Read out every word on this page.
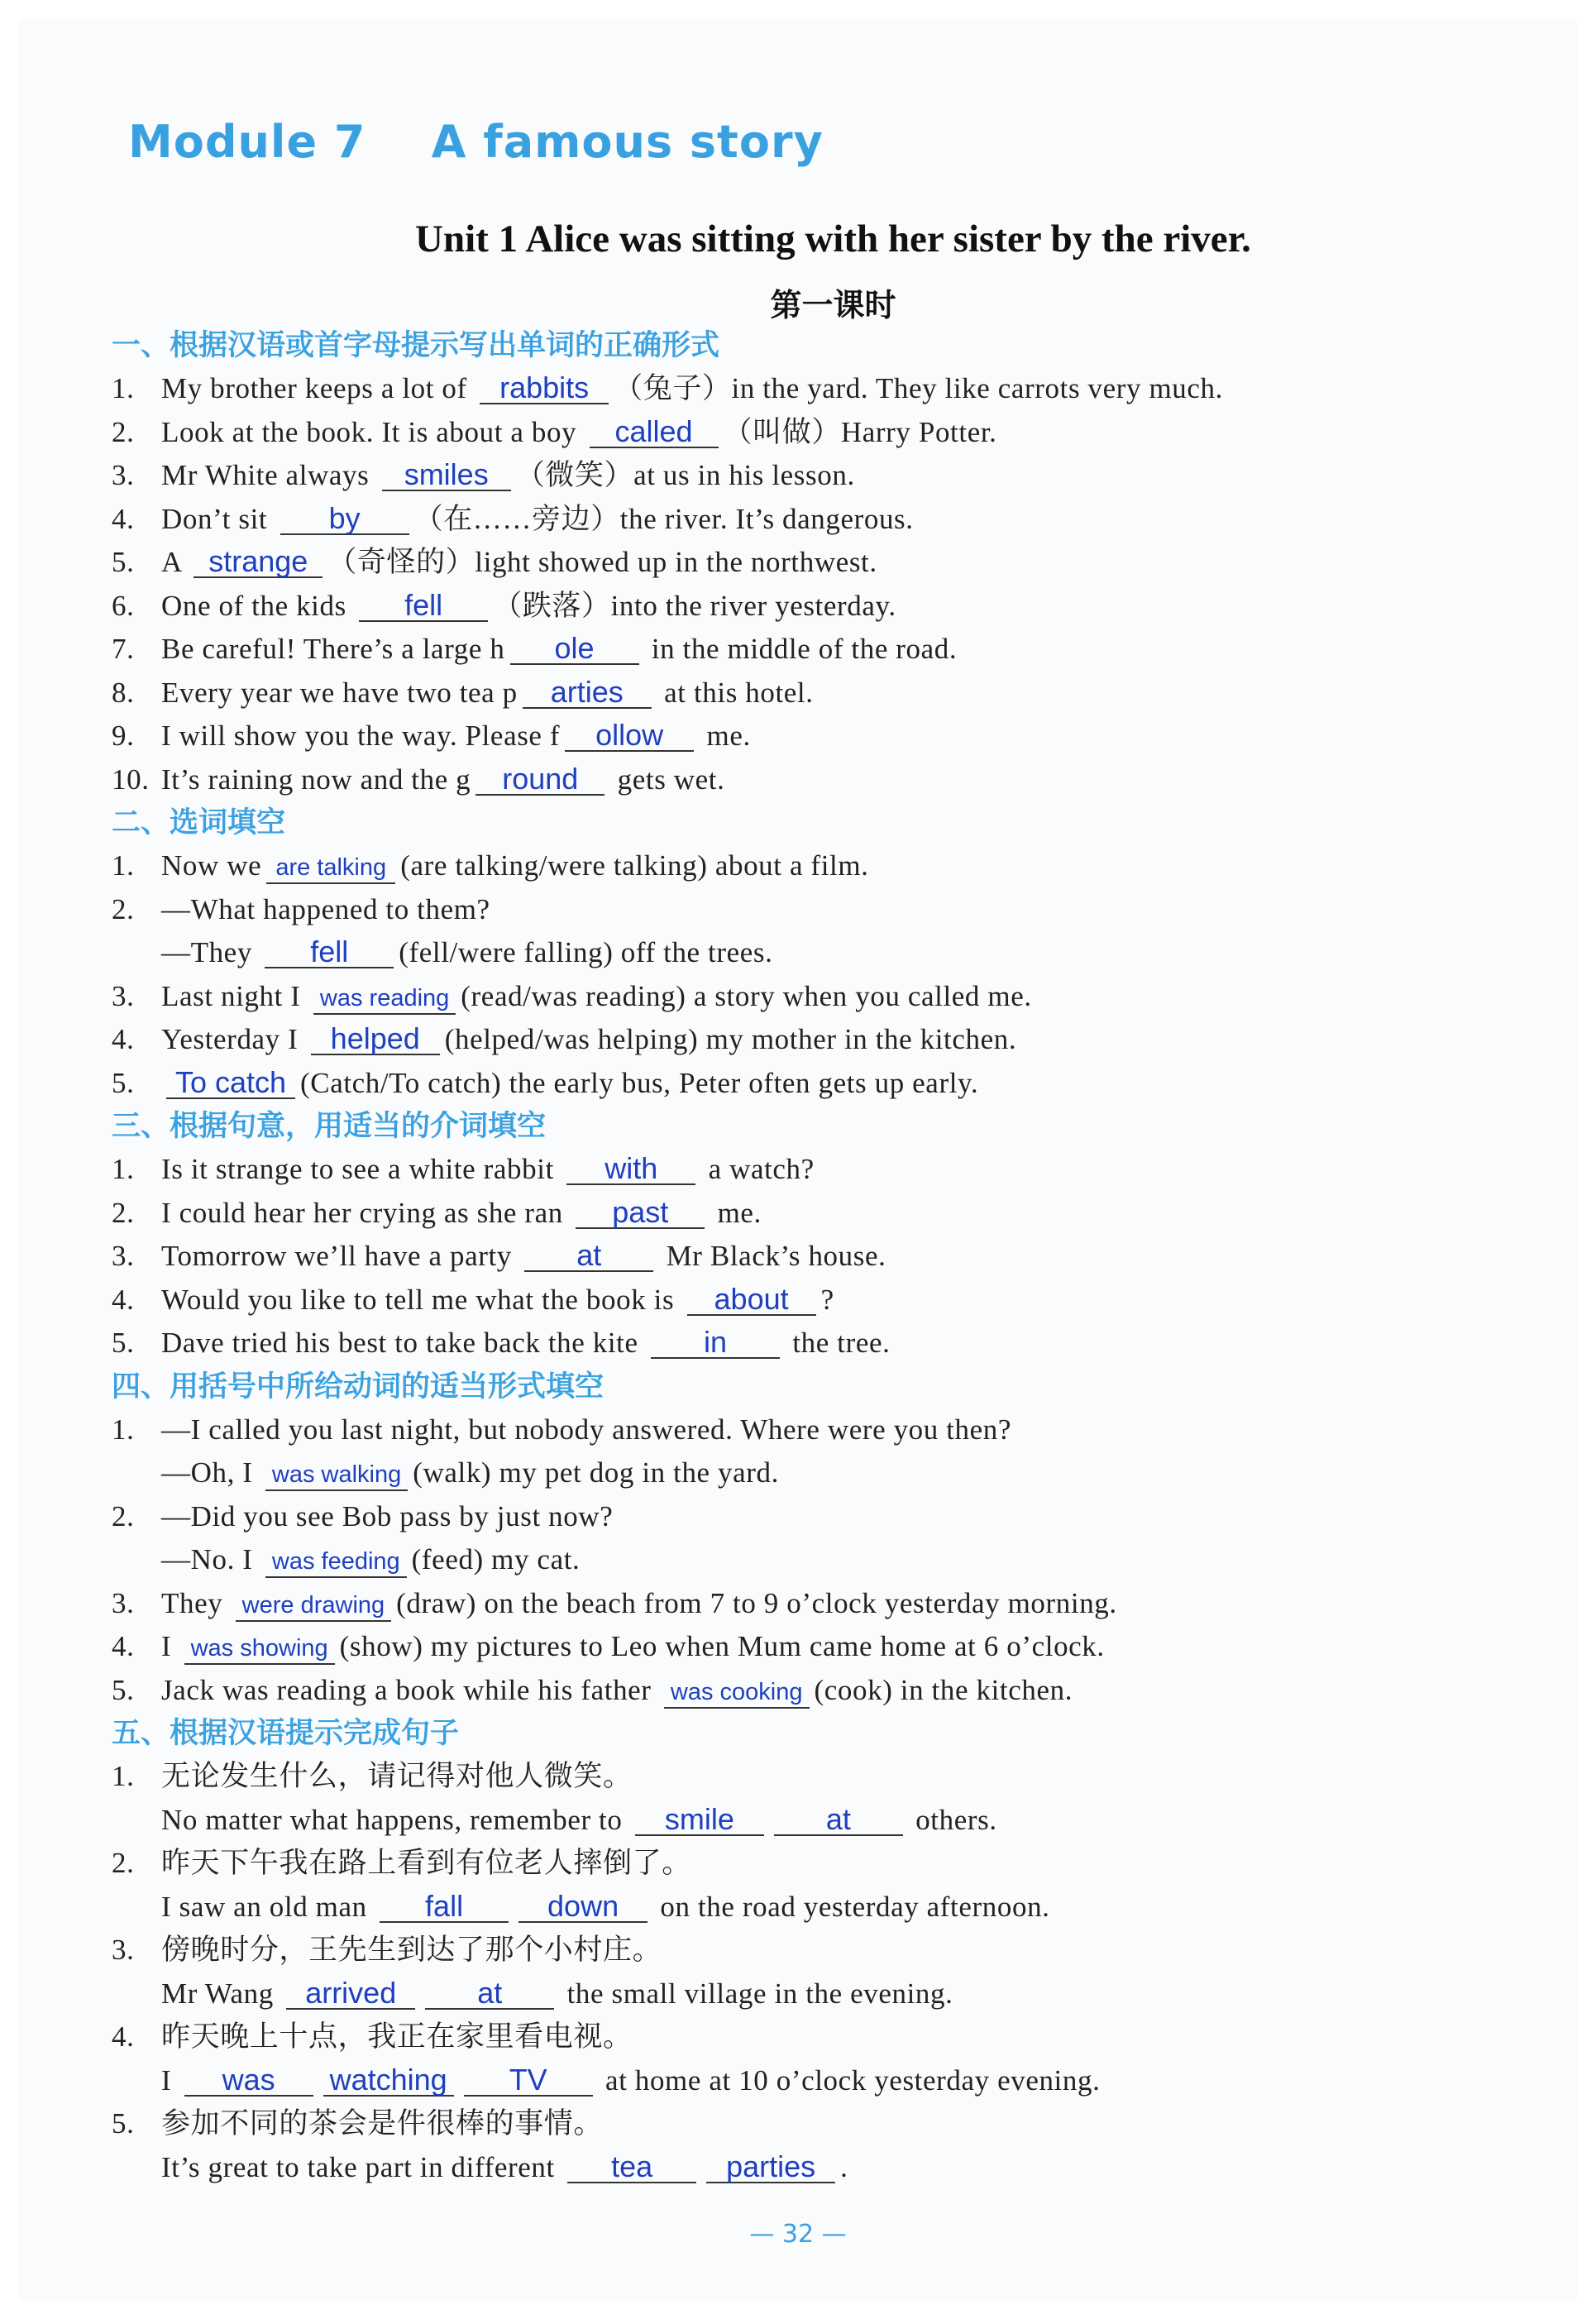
Module 7    A famous story
Unit 1 Alice was sitting with her sister by the river.
第一课时
一、根据汉语或首字母提示写出单词的正确形式
1. My brother keeps a lot of rabbits （兔子）in the yard. They like carrots very much.
2. Look at the book. It is about a boy called （叫做）Harry Potter.
3. Mr White always smiles （微笑）at us in his lesson.
4. Don’t sit by （在……旁边）the river. It’s dangerous.
5. A strange （奇怪的）light showed up in the northwest.
6. One of the kids fell （跌落）into the river yesterday.
7. Be careful! There’s a large h ole in the middle of the road.
8. Every year we have two tea p arties at this hotel.
9. I will show you the way. Please f ollow me.
10. It’s raining now and the g round gets wet.
二、选词填空
1. Now we are talking (are talking/were talking) about a film.
2. —What happened to them?
—They fell (fell/were falling) off the trees.
3. Last night I was reading (read/was reading) a story when you called me.
4. Yesterday I helped (helped/was helping) my mother in the kitchen.
5. To catch (Catch/To catch) the early bus, Peter often gets up early.
三、根据句意，用适当的介词填空
1. Is it strange to see a white rabbit with a watch?
2. I could hear her crying as she ran past me.
3. Tomorrow we’ll have a party at Mr Black’s house.
4. Would you like to tell me what the book is about ?
5. Dave tried his best to take back the kite in the tree.
四、用括号中所给动词的适当形式填空
1. —I called you last night, but nobody answered. Where were you then?
—Oh, I was walking (walk) my pet dog in the yard.
2. —Did you see Bob pass by just now?
—No. I was feeding (feed) my cat.
3. They were drawing (draw) on the beach from 7 to 9 o’clock yesterday morning.
4. I was showing (show) my pictures to Leo when Mum came home at 6 o’clock.
5. Jack was reading a book while his father was cooking (cook) in the kitchen.
五、根据汉语提示完成句子
1. 无论发生什么，请记得对他人微笑。
No matter what happens, remember to smile	at others.
2. 昨天下午我在路上看到有位老人摔倒了。
I saw an old man fall	down on the road yesterday afternoon.
3. 傍晚时分，王先生到达了那个小村庄。
Mr Wang arrived	at the small village in the evening.
4. 昨天晚上十点，我正在家里看电视。
I was watching TV at home at 10 o’clock yesterday evening.
5. 参加不同的茶会是件很棒的事情。
It’s great to take part in different tea parties .
— 32 —
